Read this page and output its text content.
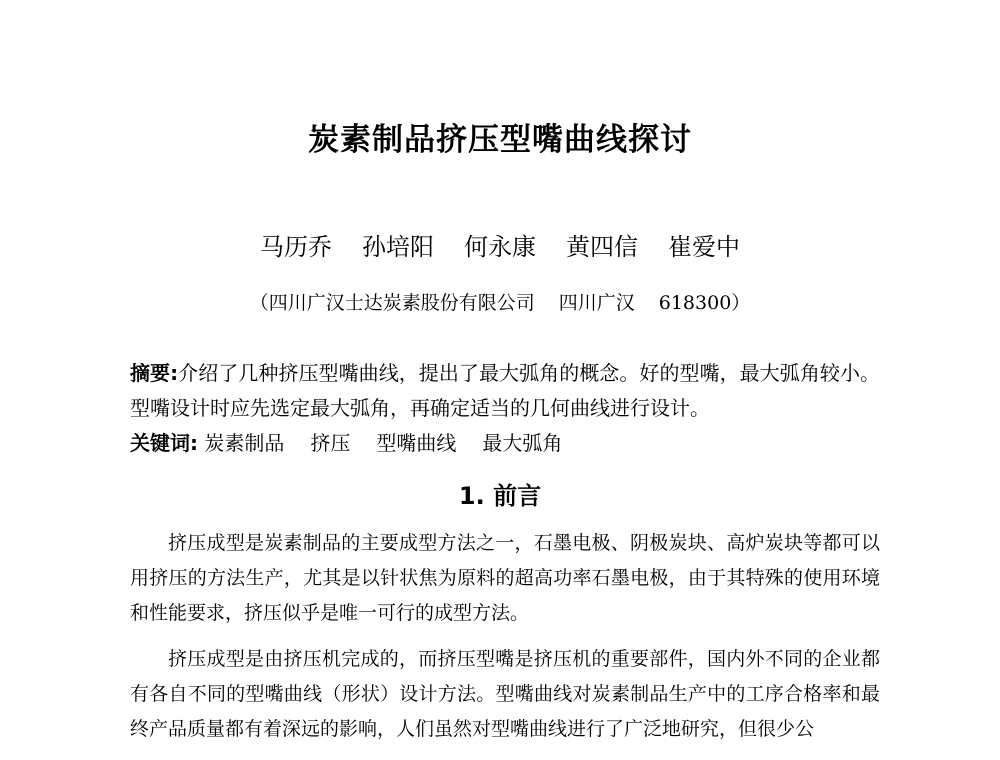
炭素制品挤压型嘴曲线探讨
马历乔 孙培阳 何永康 黄四信 崔爱中
（四川广汉士达炭素股份有限公司 四川广汉 618300）
摘要:介绍了几种挤压型嘴曲线，提出了最大弧角的概念。好的型嘴，最大弧角较小。型嘴设计时应先选定最大弧角，再确定适当的几何曲线进行设计。
关键词: 炭素制品 挤压 型嘴曲线 最大弧角
1. 前言

挤压成型是炭素制品的主要成型方法之一，石墨电极、阴极炭块、高炉炭块等都可以用挤压的方法生产，尤其是以针状焦为原料的超高功率石墨电极，由于其特殊的使用环境和性能要求，挤压似乎是唯一可行的成型方法。

挤压成型是由挤压机完成的，而挤压型嘴是挤压机的重要部件，国内外不同的企业都有各自不同的型嘴曲线（形状）设计方法。型嘴曲线对炭素制品生产中的工序合格率和最终产品质量都有着深远的影响，人们虽然对型嘴曲线进行了广泛地研究，但很少公
